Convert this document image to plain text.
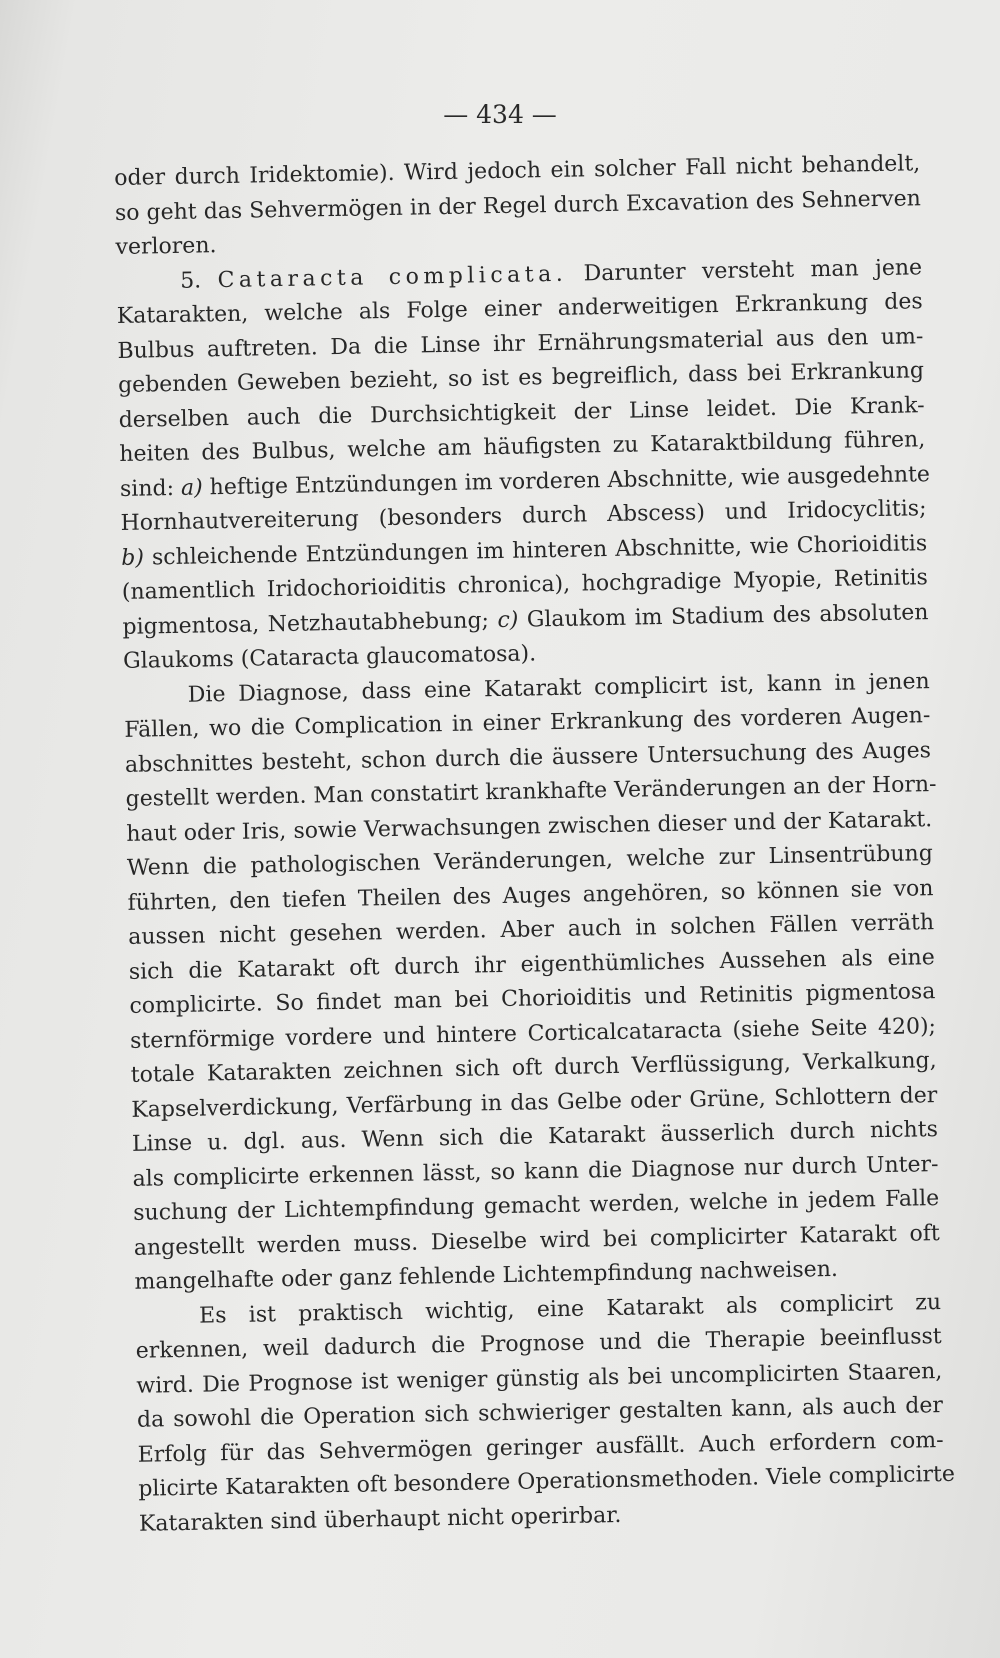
— 434 —
oder durch Iridektomie). Wird jedoch ein solcher Fall nicht behandelt,
so geht das Sehvermögen in der Regel durch Excavation des Sehnerven
verloren.
5. Cataracta complicata. Darunter versteht man jene
Katarakten, welche als Folge einer anderweitigen Erkrankung des
Bulbus auftreten. Da die Linse ihr Ernährungsmaterial aus den um-
gebenden Geweben bezieht, so ist es begreiflich, dass bei Erkrankung
derselben auch die Durchsichtigkeit der Linse leidet. Die Krank-
heiten des Bulbus, welche am häufigsten zu Kataraktbildung führen,
sind: a) heftige Entzündungen im vorderen Abschnitte, wie ausgedehnte
Hornhautvereiterung (besonders durch Abscess) und Iridocyclitis;
b) schleichende Entzündungen im hinteren Abschnitte, wie Chorioiditis
(namentlich Iridochorioiditis chronica), hochgradige Myopie, Retinitis
pigmentosa, Netzhautabhebung; c) Glaukom im Stadium des absoluten
Glaukoms (Cataracta glaucomatosa).
Die Diagnose, dass eine Katarakt complicirt ist, kann in jenen
Fällen, wo die Complication in einer Erkrankung des vorderen Augen-
abschnittes besteht, schon durch die äussere Untersuchung des Auges
gestellt werden. Man constatirt krankhafte Veränderungen an der Horn-
haut oder Iris, sowie Verwachsungen zwischen dieser und der Katarakt.
Wenn die pathologischen Veränderungen, welche zur Linsentrübung
führten, den tiefen Theilen des Auges angehören, so können sie von
aussen nicht gesehen werden. Aber auch in solchen Fällen verräth
sich die Katarakt oft durch ihr eigenthümliches Aussehen als eine
complicirte. So findet man bei Chorioiditis und Retinitis pigmentosa
sternförmige vordere und hintere Corticalcataracta (siehe Seite 420);
totale Katarakten zeichnen sich oft durch Verflüssigung, Verkalkung,
Kapselverdickung, Verfärbung in das Gelbe oder Grüne, Schlottern der
Linse u. dgl. aus. Wenn sich die Katarakt äusserlich durch nichts
als complicirte erkennen lässt, so kann die Diagnose nur durch Unter-
suchung der Lichtempfindung gemacht werden, welche in jedem Falle
angestellt werden muss. Dieselbe wird bei complicirter Katarakt oft
mangelhafte oder ganz fehlende Lichtempfindung nachweisen.
Es ist praktisch wichtig, eine Katarakt als complicirt zu
erkennen, weil dadurch die Prognose und die Therapie beeinflusst
wird. Die Prognose ist weniger günstig als bei uncomplicirten Staaren,
da sowohl die Operation sich schwieriger gestalten kann, als auch der
Erfolg für das Sehvermögen geringer ausfällt. Auch erfordern com-
plicirte Katarakten oft besondere Operationsmethoden. Viele complicirte
Katarakten sind überhaupt nicht operirbar.
